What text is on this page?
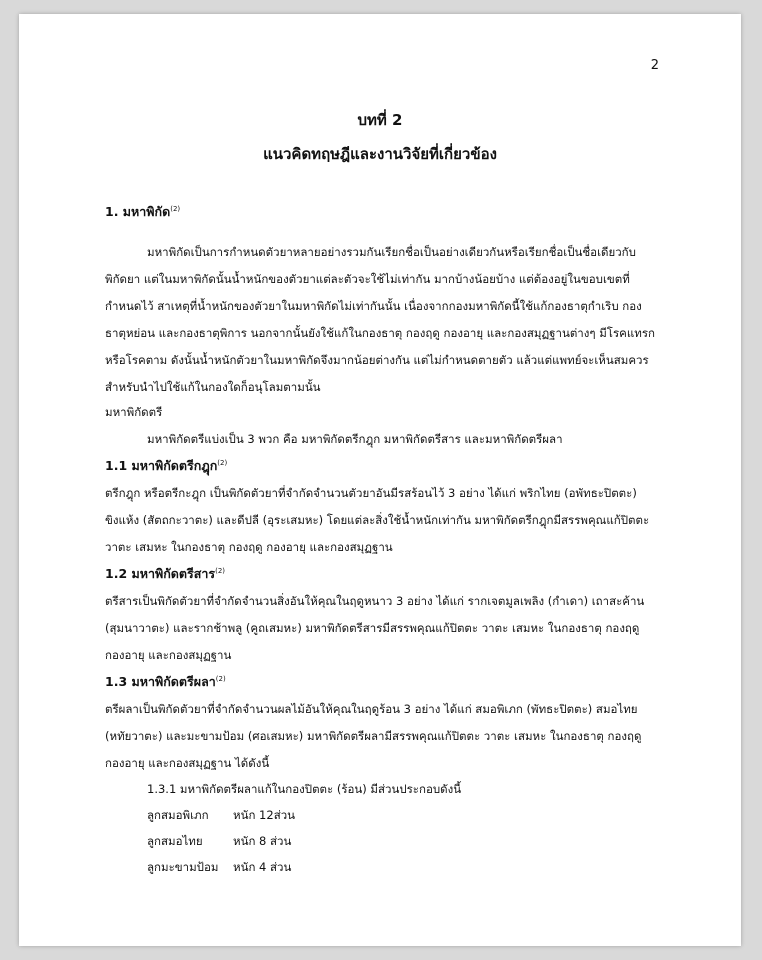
2
บทที่ 2
แนวคิดทฤษฎีและงานวิจัยที่เกี่ยวข้อง
1. มหาพิกัด$^{(2)}$
มหาพิกัดเป็นการกำหนดตัวยาหลายอย่างรวมกันเรียกชื่อเป็นอย่างเดียวกันหรือเรียกชื่อเป็นชื่อเดียวกับ
พิกัดยา แต่ในมหาพิกัดนั้นน้ำหนักของตัวยาแต่ละตัวจะใช้ไม่เท่ากัน มากบ้างน้อยบ้าง แต่ต้องอยู่ในขอบเขตที่
กำหนดไว้ สาเหตุที่น้ำหนักของตัวยาในมหาพิกัดไม่เท่ากันนั้น เนื่องจากกองมหาพิกัดนี้ใช้แก้กองธาตุกำเริบ กอง
ธาตุหย่อน และกองธาตุพิการ นอกจากนั้นยังใช้แก้ในกองธาตุ กองฤดู กองอายุ และกองสมุฏฐานต่างๆ มีโรคแทรก
หรือโรคตาม ดังนั้นน้ำหนักตัวยาในมหาพิกัดจึงมากน้อยต่างกัน แต่ไม่กำหนดตายตัว แล้วแต่แพทย์จะเห็นสมควร
สำหรับนำไปใช้แก้ในกองใดก็อนุโลมตามนั้น
มหาพิกัดตรี
มหาพิกัดตรีแบ่งเป็น 3 พวก คือ มหาพิกัดตรีกฎุก มหาพิกัดตรีสาร และมหาพิกัดตรีผลา
1.1 มหาพิกัดตรีกฎุก$^{(2)}$
ตรีกฎุก หรือตรีกะฎุก เป็นพิกัดตัวยาที่จำกัดจำนวนตัวยาอันมีรสร้อนไว้ 3 อย่าง ได้แก่ พริกไทย (อพัทธะปิตตะ)
ขิงแห้ง (สัตถกะวาตะ) และดีปลี (อุระเสมหะ) โดยแต่ละสิ่งใช้น้ำหนักเท่ากัน มหาพิกัดตรีกฎุกมีสรรพคุณแก้ปิตตะ
วาตะ เสมหะ ในกองธาตุ กองฤดู กองอายุ และกองสมุฏฐาน
1.2 มหาพิกัดตรีสาร$^{(2)}$
ตรีสารเป็นพิกัดตัวยาที่จำกัดจำนวนสิ่งอันให้คุณในฤดูหนาว 3 อย่าง ได้แก่ รากเจตมูลเพลิง (กำเดา) เถาสะค้าน
(สุมนาวาตะ) และรากช้าพลู (คูถเสมหะ) มหาพิกัดตรีสารมีสรรพคุณแก้ปิตตะ วาตะ เสมหะ ในกองธาตุ กองฤดู
กองอายุ และกองสมุฏฐาน
1.3 มหาพิกัดตรีผลา$^{(2)}$
ตรีผลาเป็นพิกัดตัวยาที่จำกัดจำนวนผลไม้อันให้คุณในฤดูร้อน 3 อย่าง ได้แก่ สมอพิเภก (พัทธะปิตตะ) สมอไทย
(หทัยวาตะ) และมะขามป้อม (ศอเสมหะ) มหาพิกัดตรีผลามีสรรพคุณแก้ปิตตะ วาตะ เสมหะ ในกองธาตุ กองฤดู
กองอายุ และกองสมุฏฐาน ได้ดังนี้
1.3.1 มหาพิกัดตรีผลาแก้ในกองปิตตะ (ร้อน) มีส่วนประกอบดังนี้
ลูกสมอพิเภก หนัก 12ส่วน
ลูกสมอไทย	หนัก 8 ส่วน
ลูกมะขามป้อม หนัก 4 ส่วน
